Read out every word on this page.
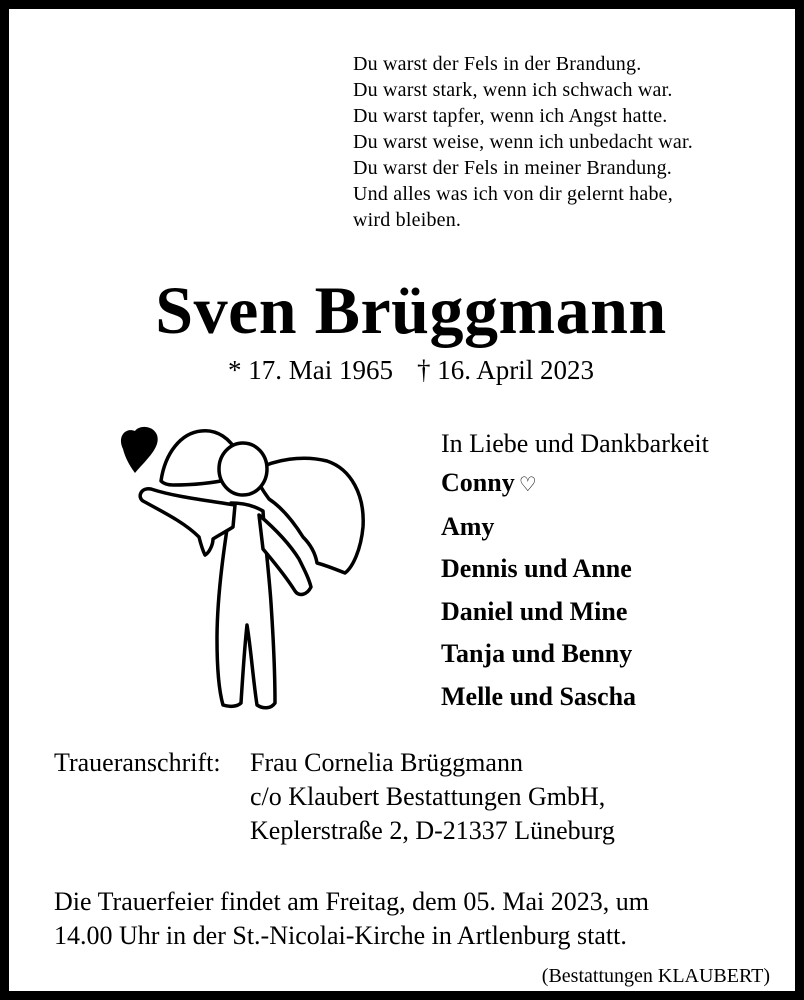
Du warst der Fels in der Brandung.
Du warst stark, wenn ich schwach war.
Du warst tapfer, wenn ich Angst hatte.
Du warst weise, wenn ich unbedacht war.
Du warst der Fels in meiner Brandung.
Und alles was ich von dir gelernt habe,
wird bleiben.
Sven Brüggmann
* 17. Mai 1965 † 16. April 2023
In Liebe und Dankbarkeit
Conny ♡
Amy
Dennis und Anne
Daniel und Mine
Tanja und Benny
Melle und Sascha
Traueranschrift: Frau Cornelia Brüggmann
c/o Klaubert Bestattungen GmbH,
Keplerstraße 2, D-21337 Lüneburg
Die Trauerfeier findet am Freitag, dem 05. Mai 2023, um
14.00 Uhr in der St.-Nicolai-Kirche in Artlenburg statt.
(Bestattungen KLAUBERT)
